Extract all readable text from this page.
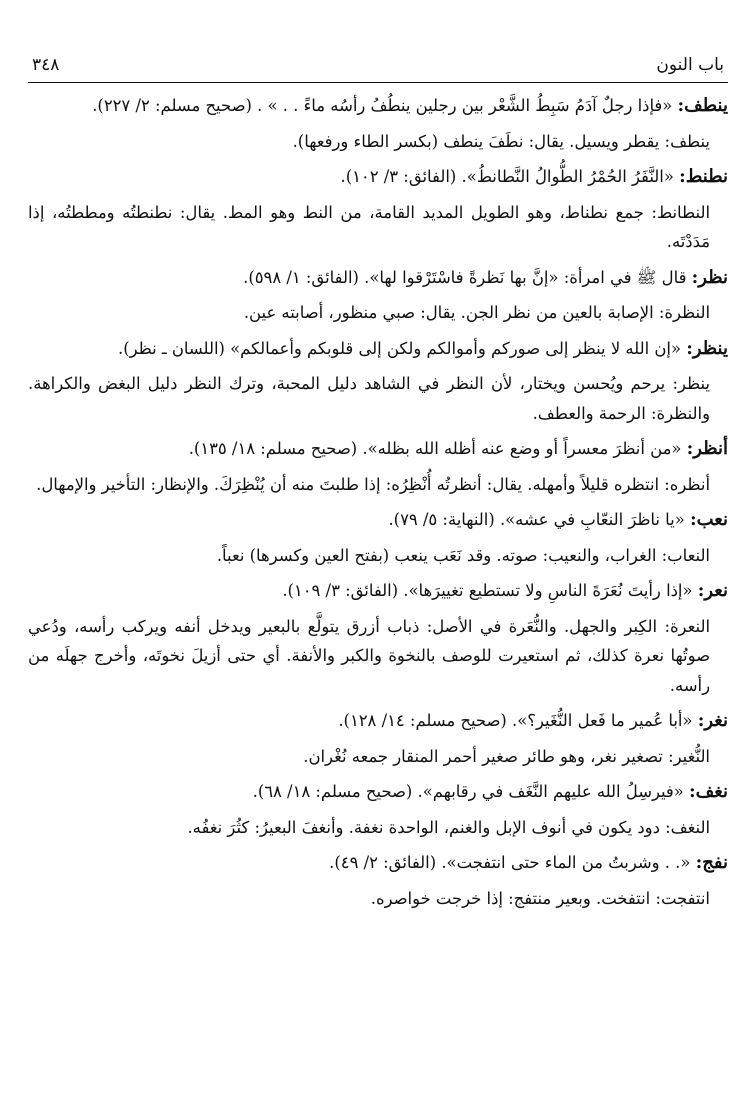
باب النون
٣٤٨

ينطف: «فإذا رجلٌ آدَمُ سَبِطُ الشَّعْر بين رجلين ينطُفُ رأسُه ماءً . . » . (صحيح مسلم: ٢/ ٢٢٧).

ينطف: يقطر ويسيل. يقال: نطَفَ ينطف (بكسر الطاء ورفعها).

نطنط: «النَّفَرُ الحُمْرُ الطُّوالُ النَّطانطُ». (الفائق: ٣/ ١٠٢).

النطانط: جمع نطناط، وهو الطويل المديد القامة، من النط وهو المط. يقال: نطنطتُه ومططتُه، إذا مَدَدْتَه.

نظر: قال ﷺ في امرأة: «إنَّ بها نَظرةً فاسْتَرْقوا لها». (الفائق: ١/ ٥٩٨).

النظرة: الإصابة بالعين من نظر الجن. يقال: صبي منظور، أصابته عين.

ينظر: «إن الله لا ينظر إلى صوركم وأموالكم ولكن إلى قلوبكم وأعمالكم» (اللسان ـ نظر).

ينظر: يرحم ويُحسن ويختار، لأن النظر في الشاهد دليل المحبة، وترك النظر دليل البغض والكراهة. والنظرة: الرحمة والعطف.

أنظر: «من أنظرَ معسراً أو وضع عنه أظله الله بظله». (صحيح مسلم: ١٨/ ١٣٥).

أنظره: انتظره قليلاً وأمهله. يقال: أنظرتُه أُنْظِرُه: إذا طلبتَ منه أن يُنْظِرَكَ. والإنظار: التأخير والإمهال.

نعب: «يا ناظرَ النعّابِ في عشه». (النهاية: ٥/ ٧٩).

النعاب: الغراب، والنعيب: صوته. وقد نَعَب ينعب (بفتح العين وكسرها) نعباً.

نعر: «إذا رأيتَ نُعَرَةَ الناسِ ولا تستطيع تغييرَها». (الفائق: ٣/ ١٠٩).

النعرة: الكِبر والجهل. والنُّعَرة في الأصل: ذباب أزرق يتولَّع بالبعير ويدخل أنفه ويركب رأسه، ودُعي صوتُها نعرة كذلك، ثم استعيرت للوصف بالنخوة والكبر والأنفة. أي حتى أزيلَ نخوتَه، وأخرج جهلَه من رأسه.

نغر: «أبا عُمير ما فَعل النُّغَير؟». (صحيح مسلم: ١٤/ ١٢٨).

النُّغير: تصغير نغر، وهو طائر صغير أحمر المنقار جمعه نُغْران.

نغف: «فيرسِلُ الله عليهم النَّغَف في رقابهم». (صحيح مسلم: ١٨/ ٦٨).

النغف: دود يكون في أنوف الإبل والغنم، الواحدة نغفة. وأنغفَ البعيرُ: كثُرَ نغفُه.

نفج: «. . وشربتُ من الماء حتى انتفجت». (الفائق: ٢/ ٤٩).

انتفجت: انتفخت. وبعير منتفج: إذا خرجت خواصره.
